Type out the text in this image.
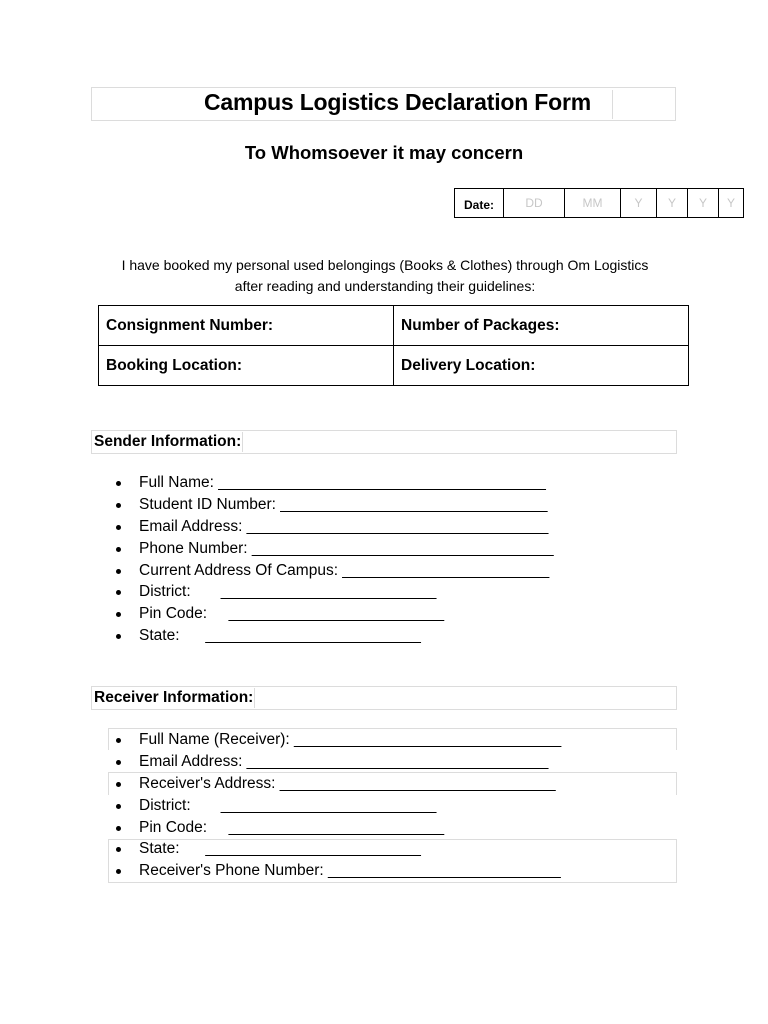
Campus Logistics Declaration Form
To Whomsoever it may concern
Date:	DD	MM	Y	Y	Y	Y
I have booked my personal used belongings (Books & Clothes) through Om Logistics
after reading and understanding their guidelines:
Consignment Number:	Number of Packages:
Booking Location:	Delivery Location:
Sender Information:
Full Name: ______________________________________
Student ID Number: _______________________________
Email Address: ___________________________________
Phone Number: ___________________________________
Current Address Of Campus: ________________________
District:       _________________________
Pin Code:     _________________________
State:      _________________________
Receiver Information:
Full Name (Receiver): _______________________________
Email Address: ___________________________________
Receiver's Address: ________________________________
District:       _________________________
Pin Code:     _________________________
State:      _________________________
Receiver's Phone Number: ___________________________
